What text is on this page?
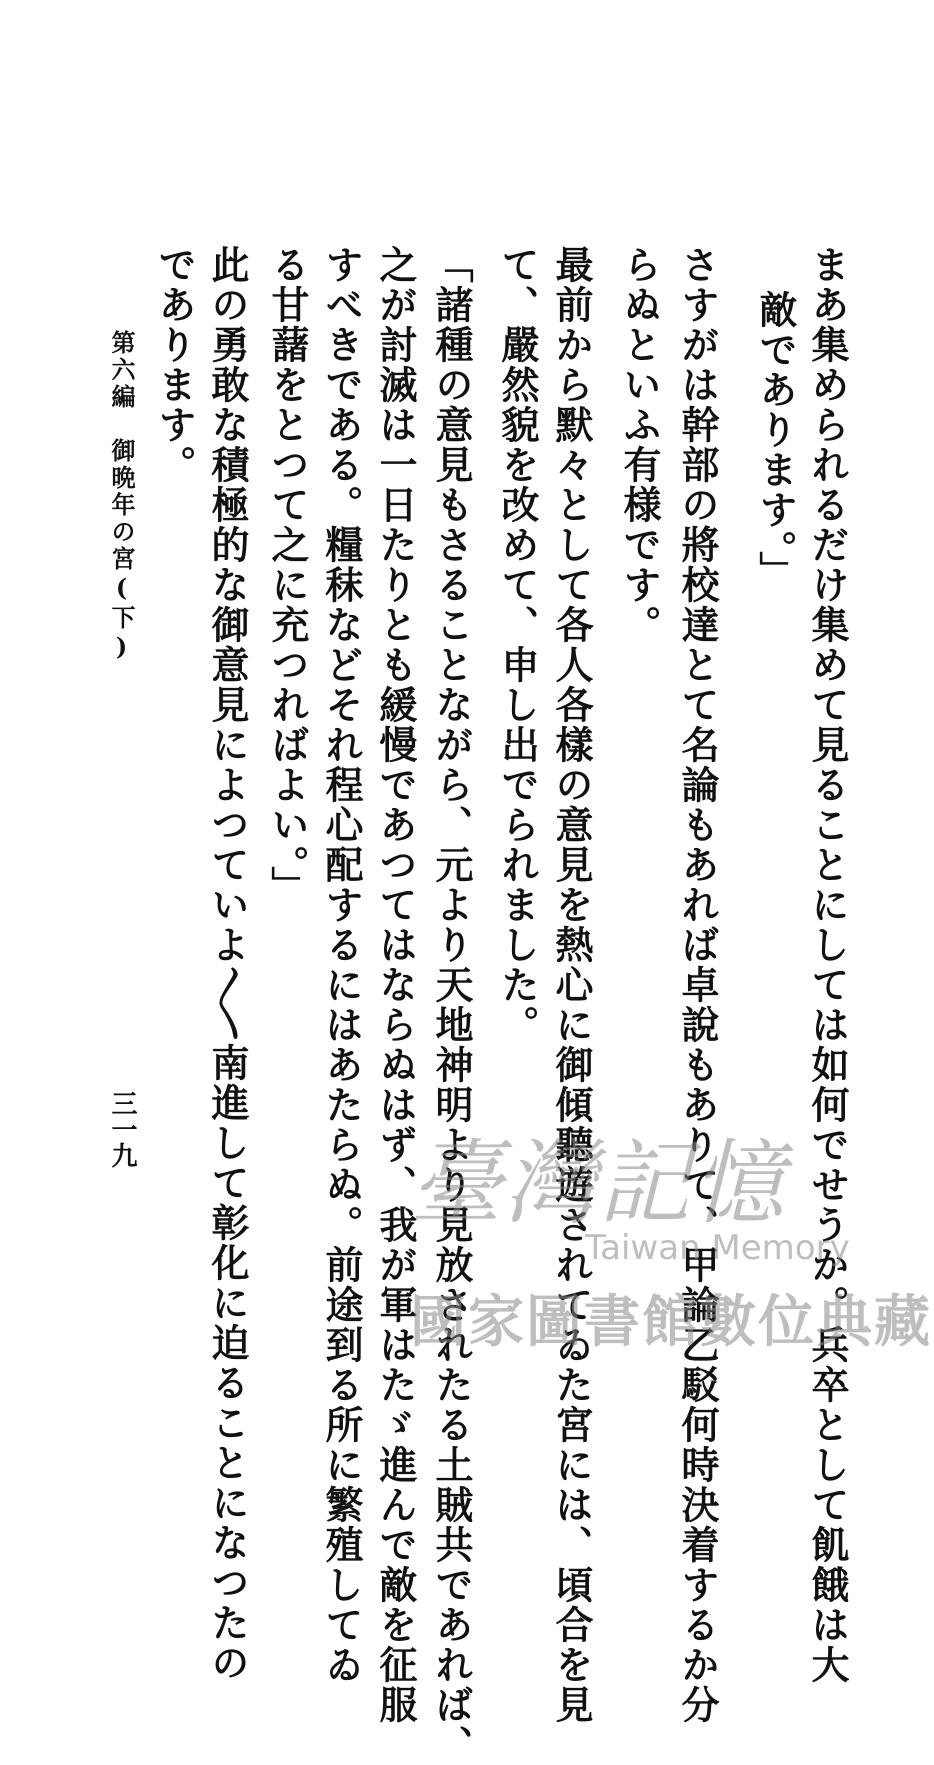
まあ集められるだけ集めて見ることにしては如何でせうか。兵卒として飢餓は大
敵であります。」
さすがは幹部の將校達とて名論もあれば卓說もありて、甲論乙駁何時決着するか分
らぬといふ有様です。
最前から默々として各人各樣の意見を熱心に御傾聽遊されてゐた宮には、頃合を見
て、嚴然貌を改めて、申し出でられました。
「諸種の意見もさることながら、元より天地神明より見放されたる土賊共であれば、
之が討滅は一日たりとも緩慢であつてはならぬはず、我が軍はたゞ進んで敵を征服
すべきである。糧秣などそれ程心配するにはあたらぬ。前途到る所に繁殖してゐ
る甘藷をとつて之に充つればよい。」
此の勇敢な積極的な御意見によつていよ〳〵南進して彰化に迫ることになつたの
であります。
第六編　御晩年の宮(下)
三一九
臺灣記憶
Taiwan Memory
國家圖書館數位典藏
